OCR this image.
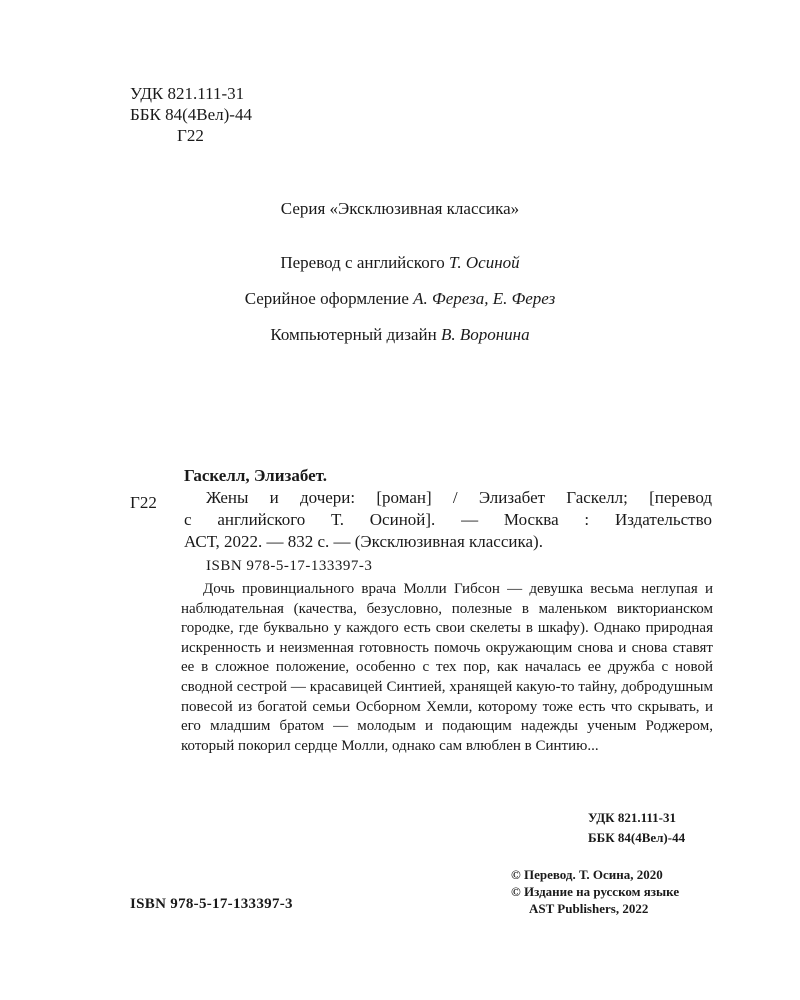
УДК 821.111-31
ББК 84(4Вел)-44
Г22
Серия «Эксклюзивная классика»
Перевод с английского Т. Осиной
Серийное оформление А. Фереза, Е. Ферез
Компьютерный дизайн В. Воронина
Г22
Гаскелл, Элизабет.
Жены и дочери: [роман] / Элизабет Гаскелл; [перевод
с английского Т. Осиной]. — Москва : Издательство
АСТ, 2022. — 832 с. — (Эксклюзивная классика).
ISBN 978-5-17-133397-3
Дочь провинциального врача Молли Гибсон — девушка весьма неглупая и наблюдательная (качества, безусловно, полезные в маленьком викторианском городке, где буквально у каждого есть свои скелеты в шкафу). Однако природная искренность и неизменная готовность помочь окружающим снова и снова ставят ее в сложное положение, особенно с тех пор, как началась ее дружба с новой сводной сестрой — красавицей Синтией, хранящей какую-то тайну, добродушным повесой из богатой семьи Осборном Хемли, которому тоже есть что скрывать, и его младшим братом — молодым и подающим надежды ученым Роджером, который покорил сердце Молли, однако сам влюблен в Синтию...
УДК 821.111-31
ББК 84(4Вел)-44
© Перевод. Т. Осина, 2020
© Издание на русском языке
AST Publishers, 2022
ISBN 978-5-17-133397-3
